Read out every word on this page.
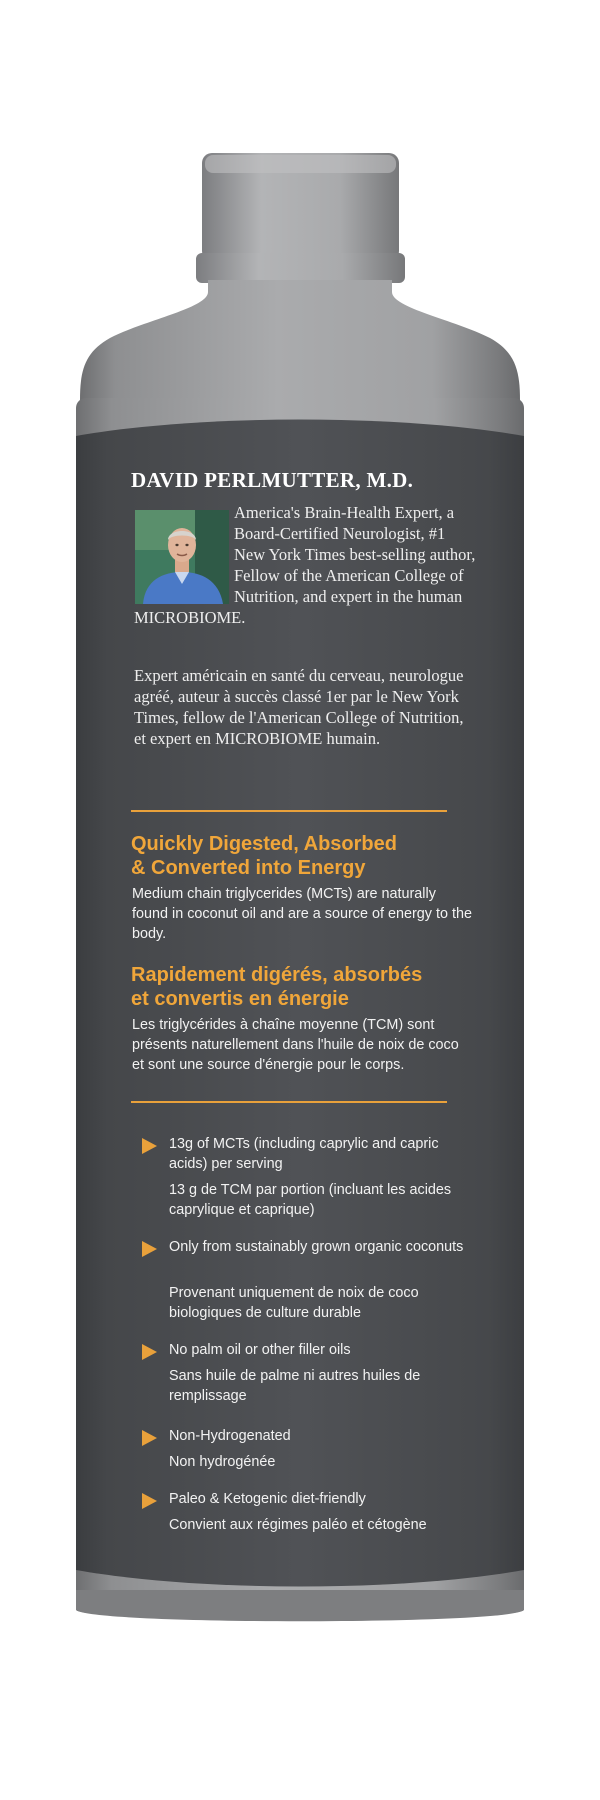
DAVID PERLMUTTER, M.D.
America's Brain-Health Expert, a Board-Certified Neurologist, #1 New York Times best-selling author, Fellow of the American College of Nutrition, and expert in the human MICROBIOME.
Expert américain en santé du cerveau, neurologue agréé, auteur à succès classé 1er par le New York Times, fellow de l'American College of Nutrition, et expert en MICROBIOME humain.
Quickly Digested, Absorbed
& Converted into Energy
Medium chain triglycerides (MCTs) are naturally found in coconut oil and are a source of energy to the body.
Rapidement digérés, absorbés
et convertis en énergie
Les triglycérides à chaîne moyenne (TCM) sont présents naturellement dans l'huile de noix de coco et sont une source d'énergie pour le corps.
13g of MCTs (including caprylic and capric acids) per serving
13 g de TCM par portion (incluant les acides caprylique et caprique)
Only from sustainably grown organic coconuts
Provenant uniquement de noix de coco biologiques de culture durable
No palm oil or other filler oils
Sans huile de palme ni autres huiles de remplissage
Non-Hydrogenated
Non hydrogénée
Paleo & Ketogenic diet-friendly
Convient aux régimes paléo et cétogène
